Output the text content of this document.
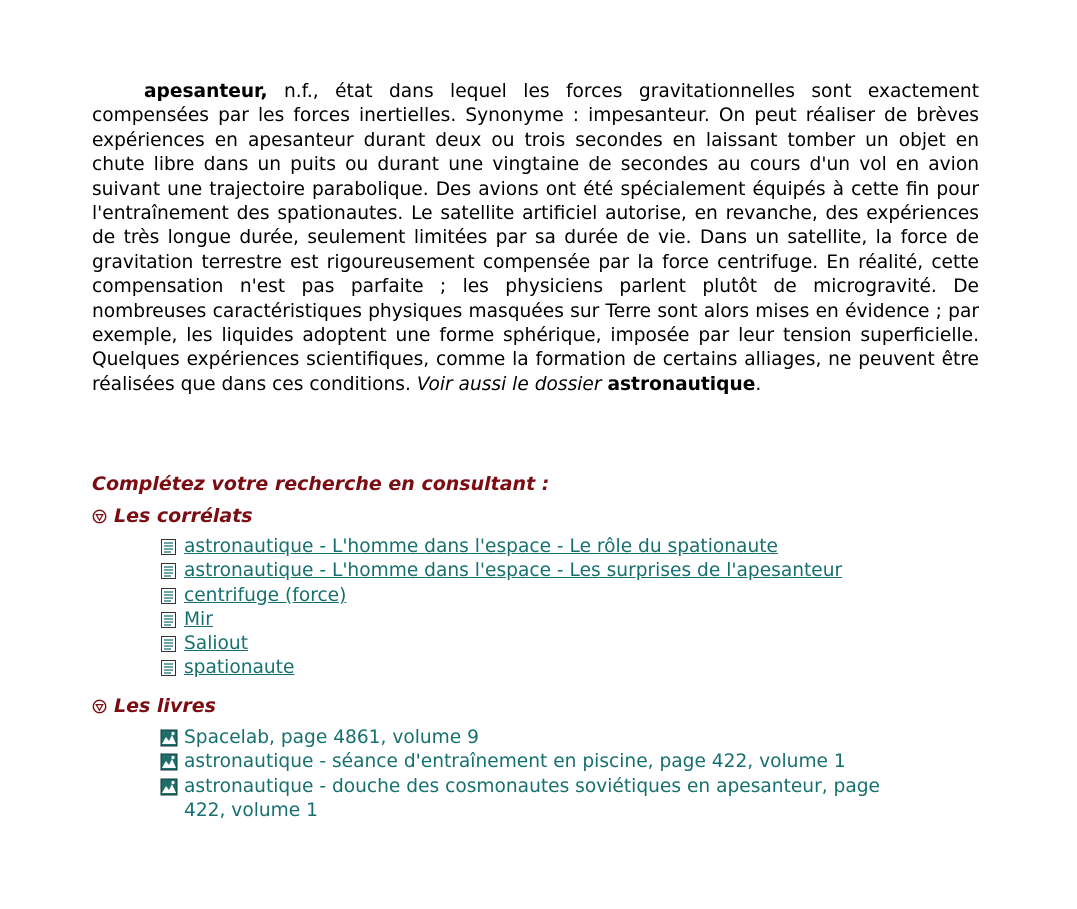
apesanteur, n.f., état dans lequel les forces gravitationnelles sont exactement compensées par les forces inertielles. Synonyme : impesanteur. On peut réaliser de brèves expériences en apesanteur durant deux ou trois secondes en laissant tomber un objet en chute libre dans un puits ou durant une vingtaine de secondes au cours d'un vol en avion suivant une trajectoire parabolique. Des avions ont été spécialement équipés à cette fin pour l'entraînement des spationautes. Le satellite artificiel autorise, en revanche, des expériences de très longue durée, seulement limitées par sa durée de vie. Dans un satellite, la force de gravitation terrestre est rigoureusement compensée par la force centrifuge. En réalité, cette compensation n'est pas parfaite ; les physiciens parlent plutôt de microgravité. De nombreuses caractéristiques physiques masquées sur Terre sont alors mises en évidence ; par exemple, les liquides adoptent une forme sphérique, imposée par leur tension superficielle. Quelques expériences scientifiques, comme la formation de certains alliages, ne peuvent être réalisées que dans ces conditions. Voir aussi le dossier astronautique.

Complétez votre recherche en consultant :

Les corrélats

astronautique - L'homme dans l'espace - Le rôle du spationaute
astronautique - L'homme dans l'espace - Les surprises de l'apesanteur
centrifuge (force)
Mir
Saliout
spationaute

Les livres

Spacelab, page 4861, volume 9
astronautique - séance d'entraînement en piscine, page 422, volume 1
astronautique - douche des cosmonautes soviétiques en apesanteur, page 422, volume 1
